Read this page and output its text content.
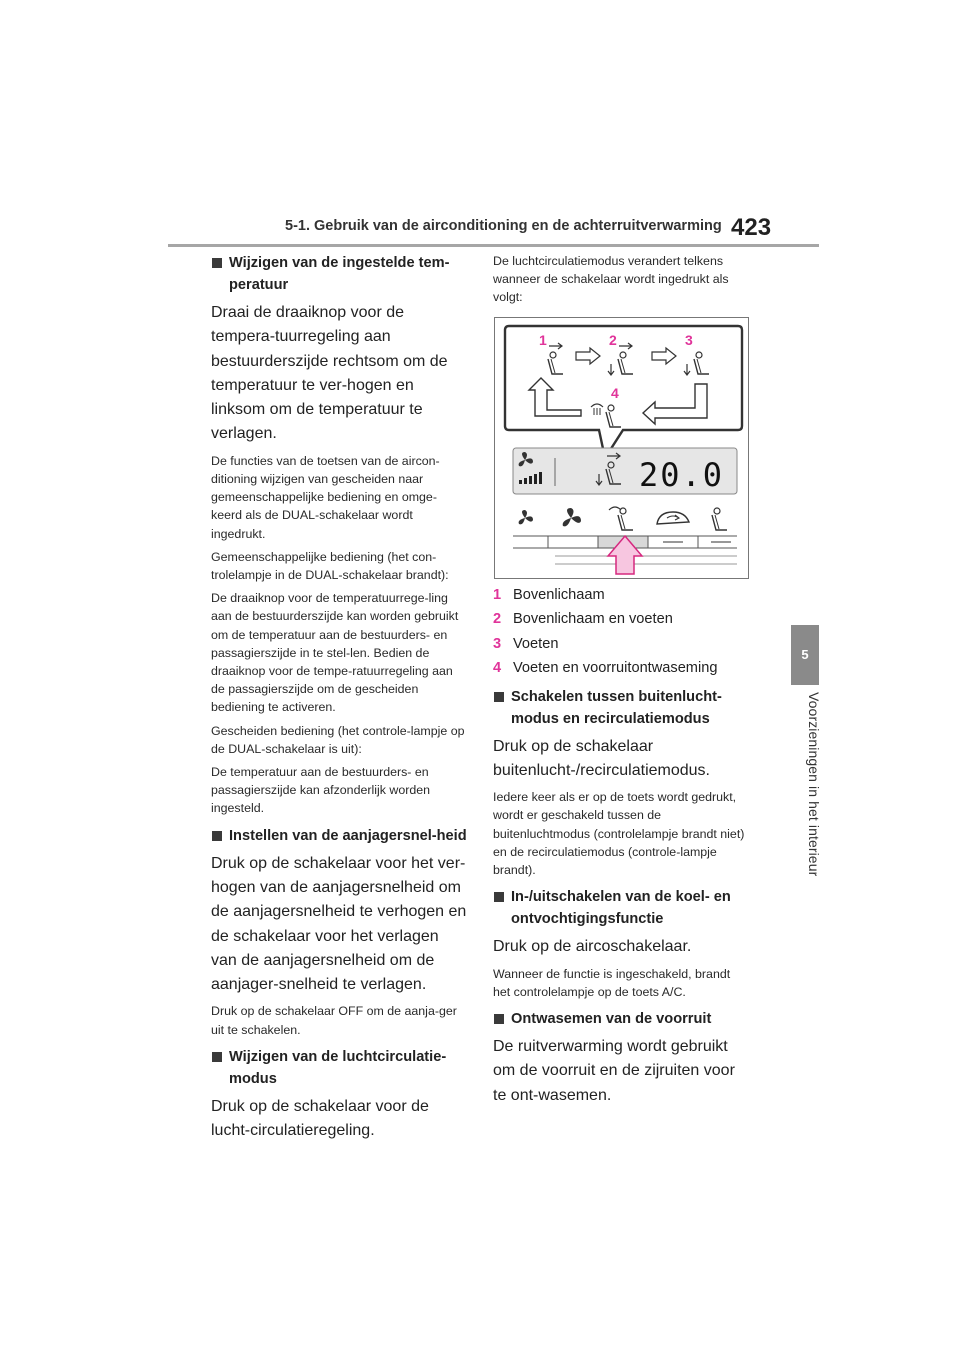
5-1. Gebruik van de airconditioning en de achterruitverwarming 423
5
Voorzieningen in het interieur
Wijzigen van de ingestelde tem-peratuur
Draai de draaiknop voor de tempera-tuurregeling aan bestuurderszijde rechtsom om de temperatuur te ver-hogen en linksom om de temperatuur te verlagen.
De functies van de toetsen van de aircon-ditioning wijzigen van gescheiden naar gemeenschappelijke bediening en omge-keerd als de DUAL-schakelaar wordt ingedrukt.
Gemeenschappelijke bediening (het con-trolelampje in de DUAL-schakelaar brandt):
De draaiknop voor de temperatuurrege-ling aan de bestuurderszijde kan worden gebruikt om de temperatuur aan de bestuurders- en passagierszijde in te stel-len. Bedien de draaiknop voor de tempe-ratuurregeling aan de passagierszijde om de gescheiden bediening te activeren.
Gescheiden bediening (het controle-lampje op de DUAL-schakelaar is uit):
De temperatuur aan de bestuurders- en passagierszijde kan afzonderlijk worden ingesteld.
Instellen van de aanjagersnel-heid
Druk op de schakelaar voor het ver-hogen van de aanjagersnelheid om de aanjagersnelheid te verhogen en de schakelaar voor het verlagen van de aanjagersnelheid om de aanjager-snelheid te verlagen.
Druk op de schakelaar OFF om de aanja-ger uit te schakelen.
Wijzigen van de luchtcirculatie-modus
Druk op de schakelaar voor de lucht-circulatieregeling.
De luchtcirculatiemodus verandert telkens wanneer de schakelaar wordt ingedrukt als volgt:
1	2	3
4
20.0
1 Bovenlichaam
2 Bovenlichaam en voeten
3 Voeten
4 Voeten en voorruitontwaseming
Schakelen tussen buitenlucht-modus en recirculatiemodus
Druk op de schakelaar buitenlucht-/recirculatiemodus.
Iedere keer als er op de toets wordt gedrukt, wordt er geschakeld tussen de buitenluchtmodus (controlelampje brandt niet) en de recirculatiemodus (controle-lampje brandt).
In-/uitschakelen van de koel- en ontvochtigingsfunctie
Druk op de aircoschakelaar.
Wanneer de functie is ingeschakeld, brandt het controlelampje op de toets A/C.
Ontwasemen van de voorruit
De ruitverwarming wordt gebruikt om de voorruit en de zijruiten voor te ont-wasemen.
